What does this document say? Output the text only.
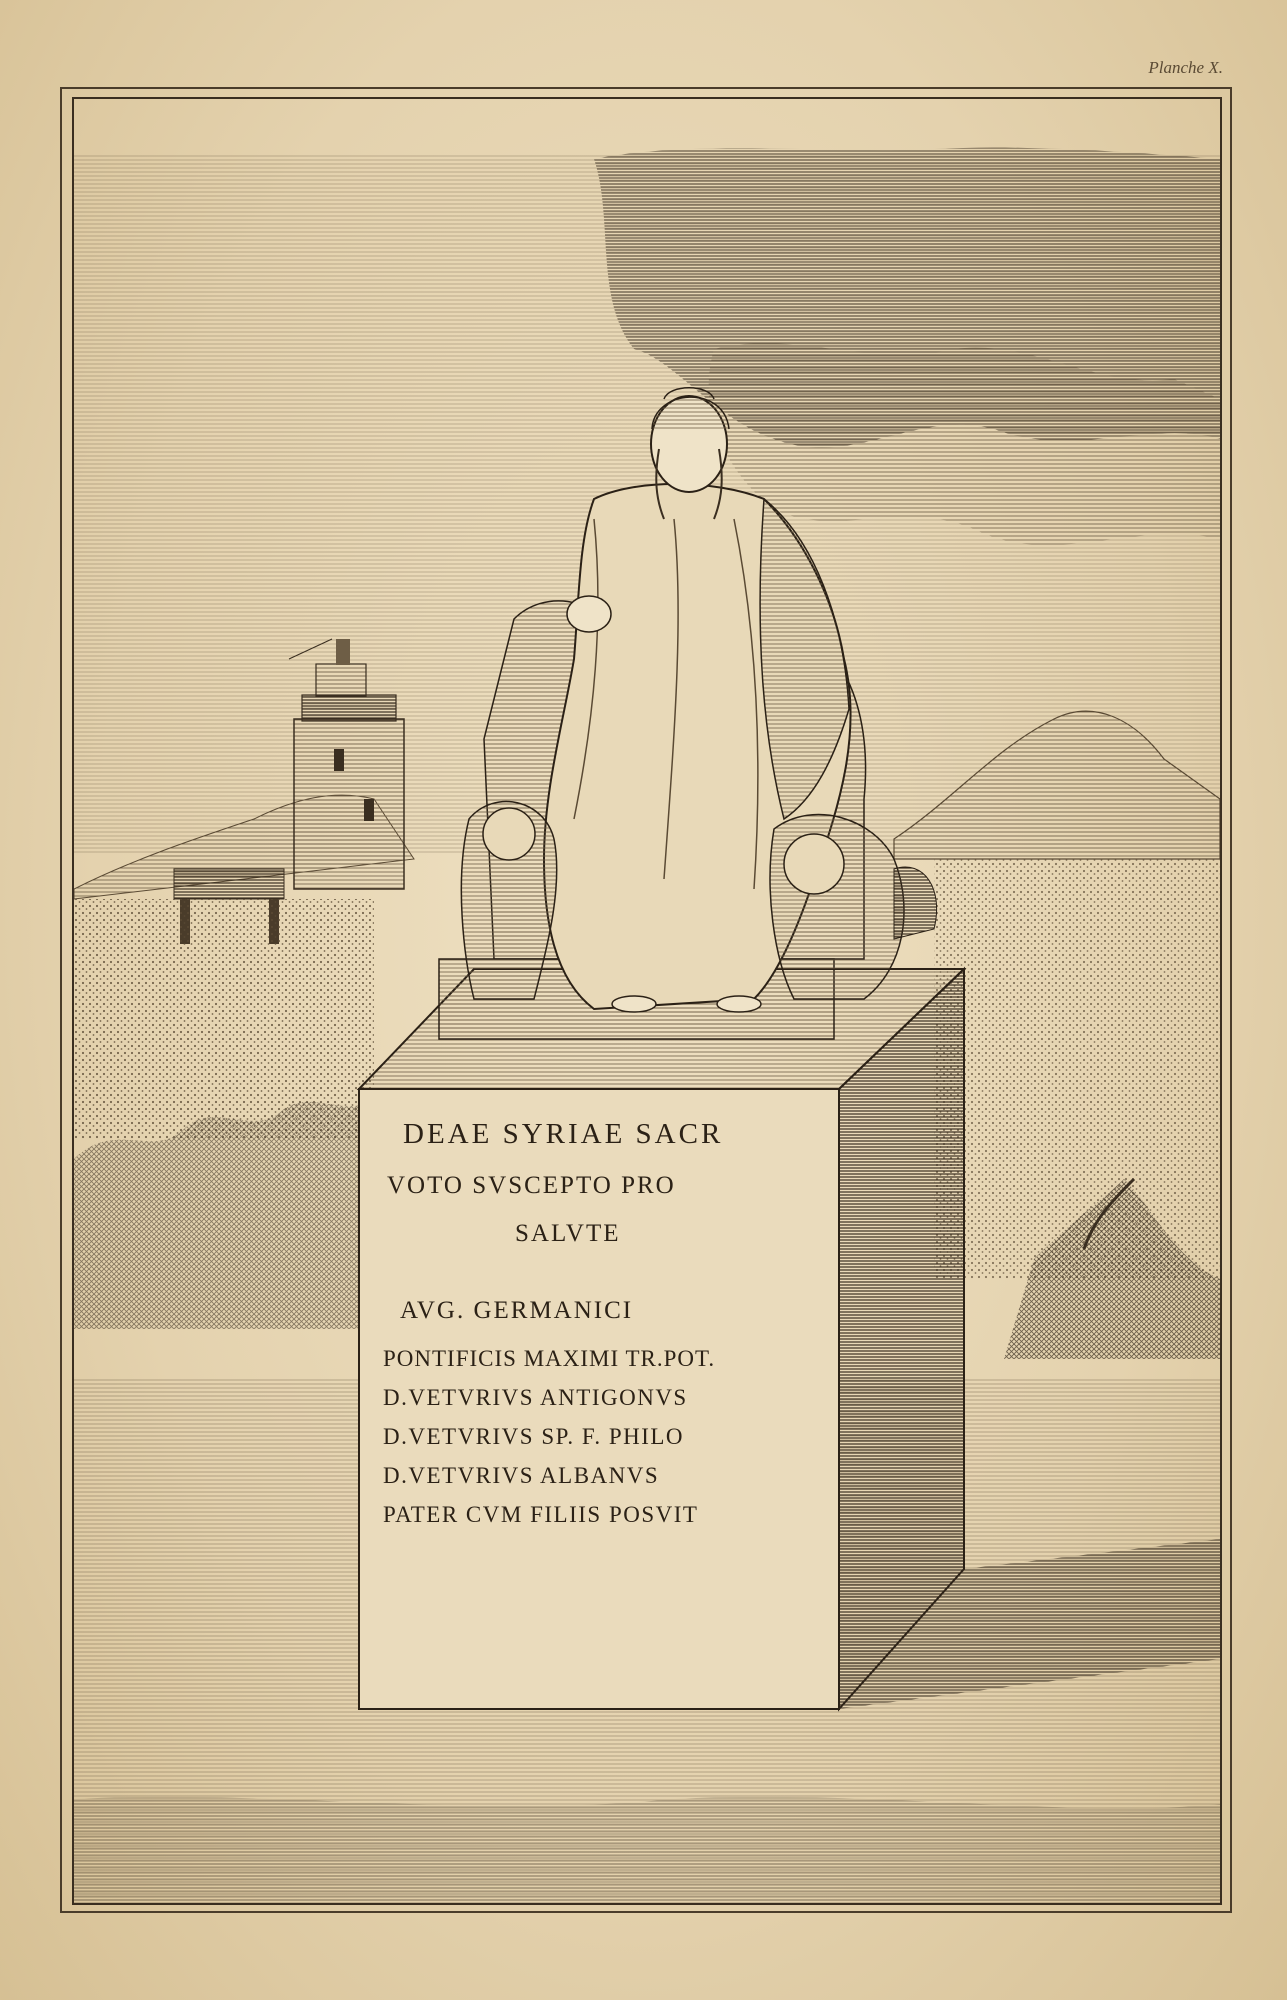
Planche X.

DEAE SYRIAE SACR

VOTO SVSCEPTO PRO

SALVTE

AVG. GERMANICI

PONTIFICIS MAXIMI TR.POT.

D.VETVRIVS ANTIGONVS

D.VETVRIVS SP. F. PHILO

D.VETVRIVS ALBANVS

PATER CVM FILIIS POSVIT
